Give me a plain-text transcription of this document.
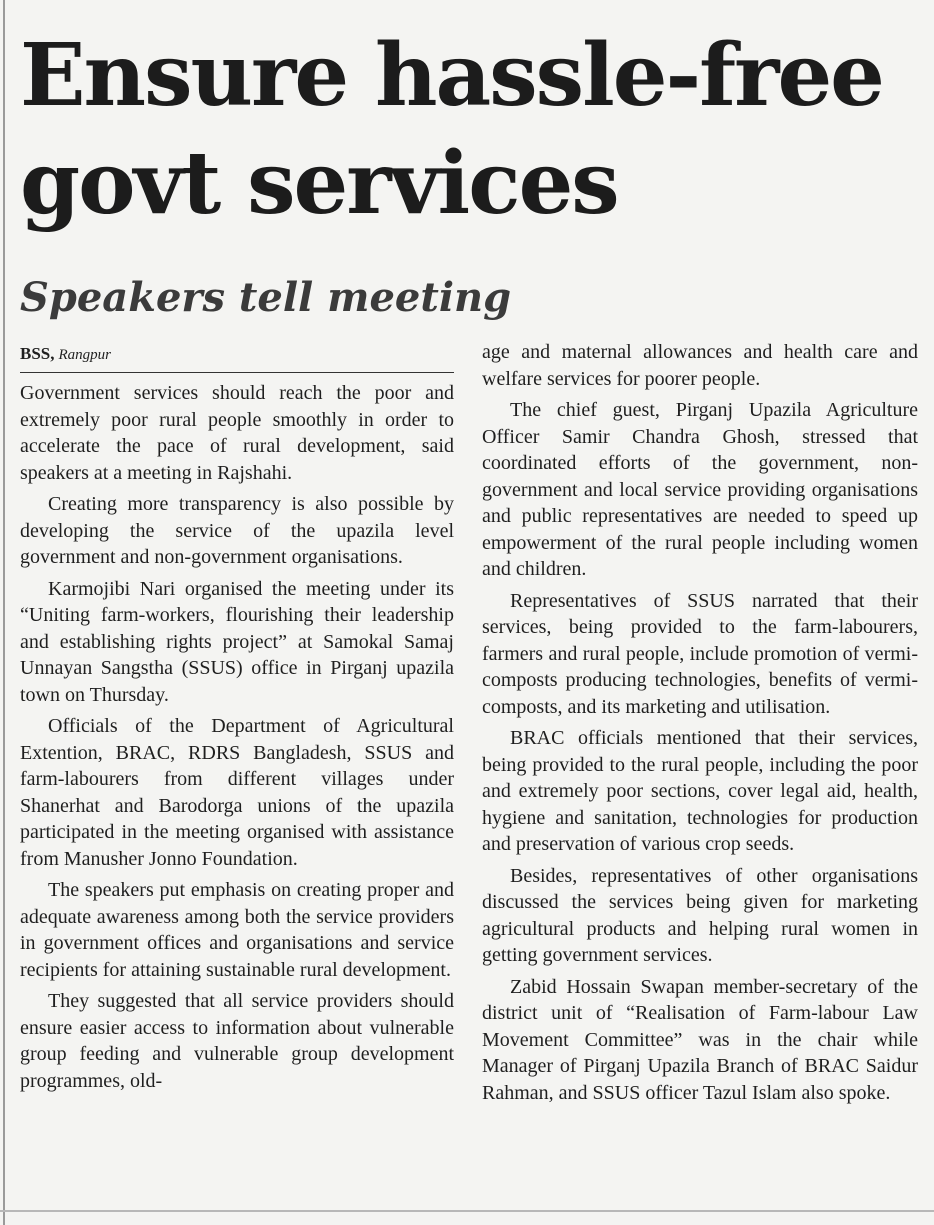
Ensure hassle-free govt services
Speakers tell meeting
BSS, Rangpur

Government services should reach the poor and extremely poor rural people smoothly in order to accelerate the pace of rural development, said speakers at a meeting in Rajshahi.

Creating more transparency is also possible by developing the service of the upazila level government and non-government organisations.

Karmojibi Nari organised the meeting under its “Uniting farm-workers, flourishing their leadership and establishing rights project” at Samokal Samaj Unnayan Sangstha (SSUS) office in Pirganj upazila town on Thursday.

Officials of the Department of Agricultural Extention, BRAC, RDRS Bangladesh, SSUS and farm-labourers from different villages under Shanerhat and Barodorga unions of the upazila participated in the meeting organised with assistance from Manusher Jonno Foundation.

The speakers put emphasis on creating proper and adequate awareness among both the service providers in government offices and organisations and service recipients for attaining sustainable rural development.

They suggested that all service providers should ensure easier access to information about vulnerable group feeding and vulnerable group development programmes, old-

age and maternal allowances and health care and welfare services for poorer people.

The chief guest, Pirganj Upazila Agriculture Officer Samir Chandra Ghosh, stressed that coordinated efforts of the government, non-government and local service providing organisations and public representatives are needed to speed up empowerment of the rural people including women and children.

Representatives of SSUS narrated that their services, being provided to the farm-labourers, farmers and rural people, include promotion of vermi-composts producing technologies, benefits of vermi-composts, and its marketing and utilisation.

BRAC officials mentioned that their services, being provided to the rural people, including the poor and extremely poor sections, cover legal aid, health, hygiene and sanitation, technologies for production and preservation of various crop seeds.

Besides, representatives of other organisations discussed the services being given for marketing agricultural products and helping rural women in getting government services.

Zabid Hossain Swapan member-secretary of the district unit of “Realisation of Farm-labour Law Movement Committee” was in the chair while Manager of Pirganj Upazila Branch of BRAC Saidur Rahman, and SSUS officer Tazul Islam also spoke.
